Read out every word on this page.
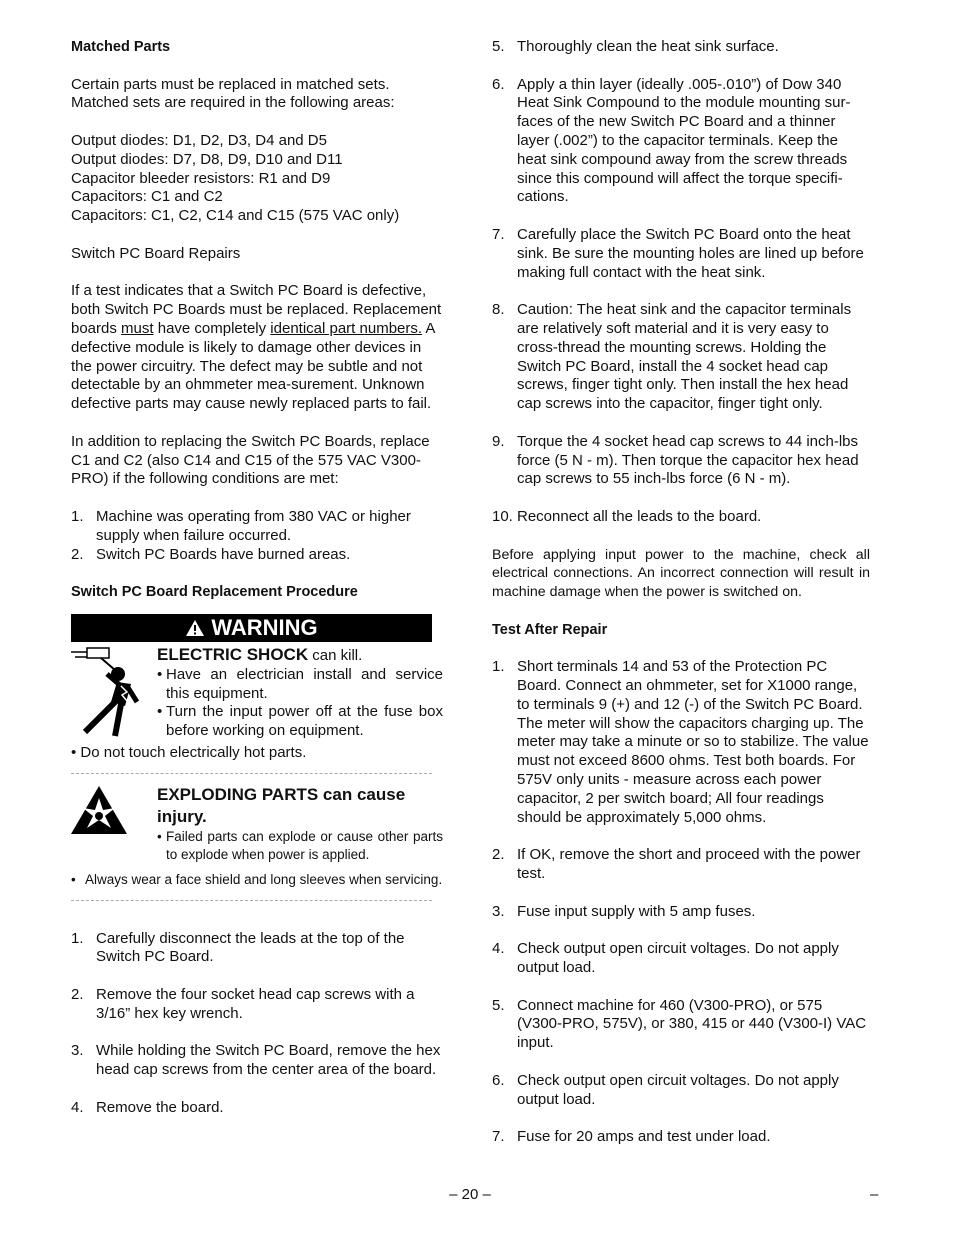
Matched Parts

Certain parts must be replaced in matched sets. Matched sets are required in the following areas:

Output diodes: D1, D2, D3, D4 and D5

Output diodes: D7, D8, D9, D10 and D11

Capacitor bleeder resistors: R1 and D9

Capacitors: C1 and C2

Capacitors: C1, C2, C14 and C15 (575 VAC only)

Switch PC Board Repairs

If a test indicates that a Switch PC Board is defective, both Switch PC Boards must be replaced. Replacement boards must have completely identical part numbers. A defective module is likely to damage other devices in the power circuitry. The defect may be subtle and not detectable by an ohmmeter mea-surement. Unknown defective parts may cause newly replaced parts to fail.

In addition to replacing the Switch PC Boards, replace C1 and C2 (also C14 and C15 of the 575 VAC V300-PRO) if the following conditions are met:

1. Machine was operating from 380 VAC or higher supply when failure occurred.
2. Switch PC Boards have burned areas.

Switch PC Board Replacement Procedure

WARNING

ELECTRIC SHOCK can kill.

• Have an electrician install and service this equipment.
• Turn the input power off at the fuse box before working on equipment.

• Do not touch electrically hot parts.

EXPLODING PARTS can cause injury.

• Failed parts can explode or cause other parts to explode when power is applied.
• Always wear a face shield and long sleeves when servicing.
1. Carefully disconnect the leads at the top of the Switch PC Board.
2. Remove the four socket head cap screws with a 3/16” hex key wrench.
3. While holding the Switch PC Board, remove the hex head cap screws from the center area of the board.
4. Remove the board.
5. Thoroughly clean the heat sink surface.
6. Apply a thin layer (ideally .005-.010”) of Dow 340 Heat Sink Compound to the module mounting sur-faces of the new Switch PC Board and a thinner layer (.002”) to the capacitor terminals. Keep the heat sink compound away from the screw threads since this compound will affect the torque specifi-cations.
7. Carefully place the Switch PC Board onto the heat sink. Be sure the mounting holes are lined up before making full contact with the heat sink.
8. Caution: The heat sink and the capacitor terminals are relatively soft material and it is very easy to cross-thread the mounting screws. Holding the Switch PC Board, install the 4 socket head cap screws, finger tight only. Then install the hex head cap screws into the capacitor, finger tight only.
9. Torque the 4 socket head cap screws to 44 inch-lbs force (5 N - m). Then torque the capacitor hex head cap screws to 55 inch-lbs force (6 N - m).
10. Reconnect all the leads to the board.

Before applying input power to the machine, check all electrical connections. An incorrect connection will result in machine damage when the power is switched on.

Test After Repair

1. Short terminals 14 and 53 of the Protection PC Board. Connect an ohmmeter, set for X1000 range, to terminals 9 (+) and 12 (-) of the Switch PC Board. The meter will show the capacitors charging up. The meter may take a minute or so to stabilize. The value must not exceed 8600 ohms. Test both boards. For 575V only units - measure across each power capacitor, 2 per switch board; All four readings should be approximately 5,000 ohms.
2. If OK, remove the short and proceed with the power test.
3. Fuse input supply with 5 amp fuses.
4. Check output open circuit voltages. Do not apply output load.
5. Connect machine for 460 (V300-PRO), or 575 (V300-PRO, 575V), or 380, 415 or 440 (V300-I) VAC input.
6. Check output open circuit voltages. Do not apply output load.
7. Fuse for 20 amps and test under load.
– 20 –	–
